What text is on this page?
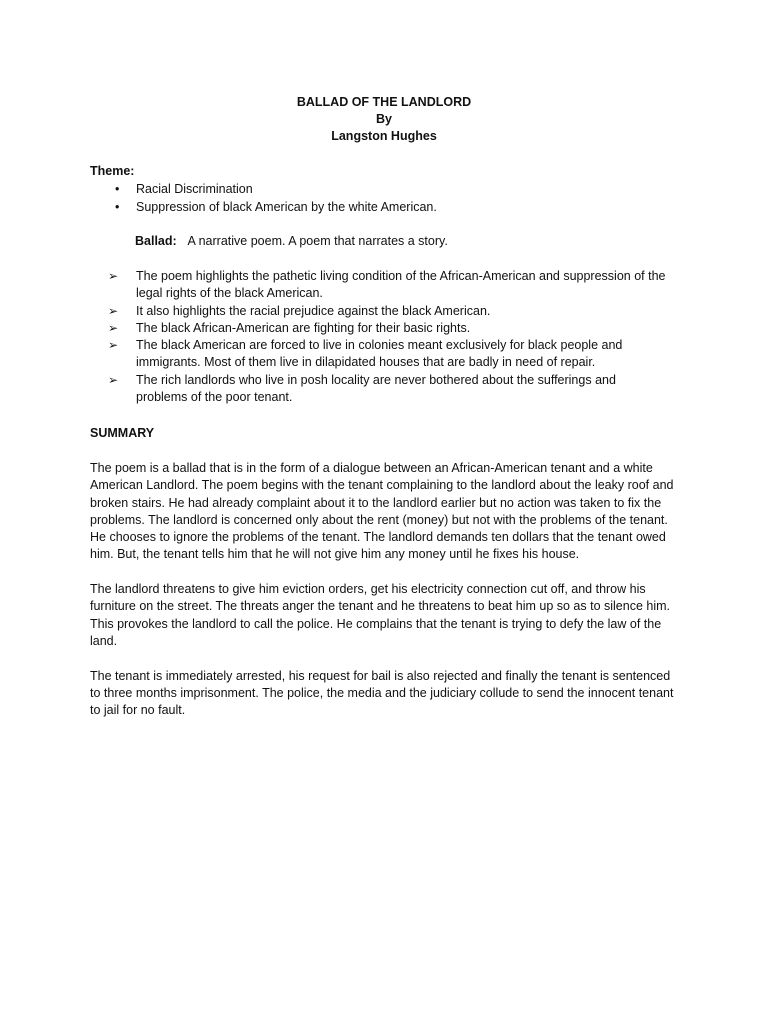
BALLAD OF THE LANDLORD
By
Langston Hughes
Theme:
• Racial Discrimination
• Suppression of black American by the white American.
Ballad: A narrative poem. A poem that narrates a story.
➢ The poem highlights the pathetic living condition of the African-American and suppression of the legal rights of the black American.
➢ It also highlights the racial prejudice against the black American.
➢ The black African-American are fighting for their basic rights.
➢ The black American are forced to live in colonies meant exclusively for black people and immigrants. Most of them live in dilapidated houses that are badly in need of repair.
➢ The rich landlords who live in posh locality are never bothered about the sufferings and problems of the poor tenant.
SUMMARY

The poem is a ballad that is in the form of a dialogue between an African-American tenant and a white American Landlord. The poem begins with the tenant complaining to the landlord about the leaky roof and broken stairs. He had already complaint about it to the landlord earlier but no action was taken to fix the problems. The landlord is concerned only about the rent (money) but not with the problems of the tenant. He chooses to ignore the problems of the tenant. The landlord demands ten dollars that the tenant owed him. But, the tenant tells him that he will not give him any money until he fixes his house.

The landlord threatens to give him eviction orders, get his electricity connection cut off, and throw his furniture on the street. The threats anger the tenant and he threatens to beat him up so as to silence him. This provokes the landlord to call the police. He complains that the tenant is trying to defy the law of the land.

The tenant is immediately arrested, his request for bail is also rejected and finally the tenant is sentenced to three months imprisonment. The police, the media and the judiciary collude to send the innocent tenant to jail for no fault.
